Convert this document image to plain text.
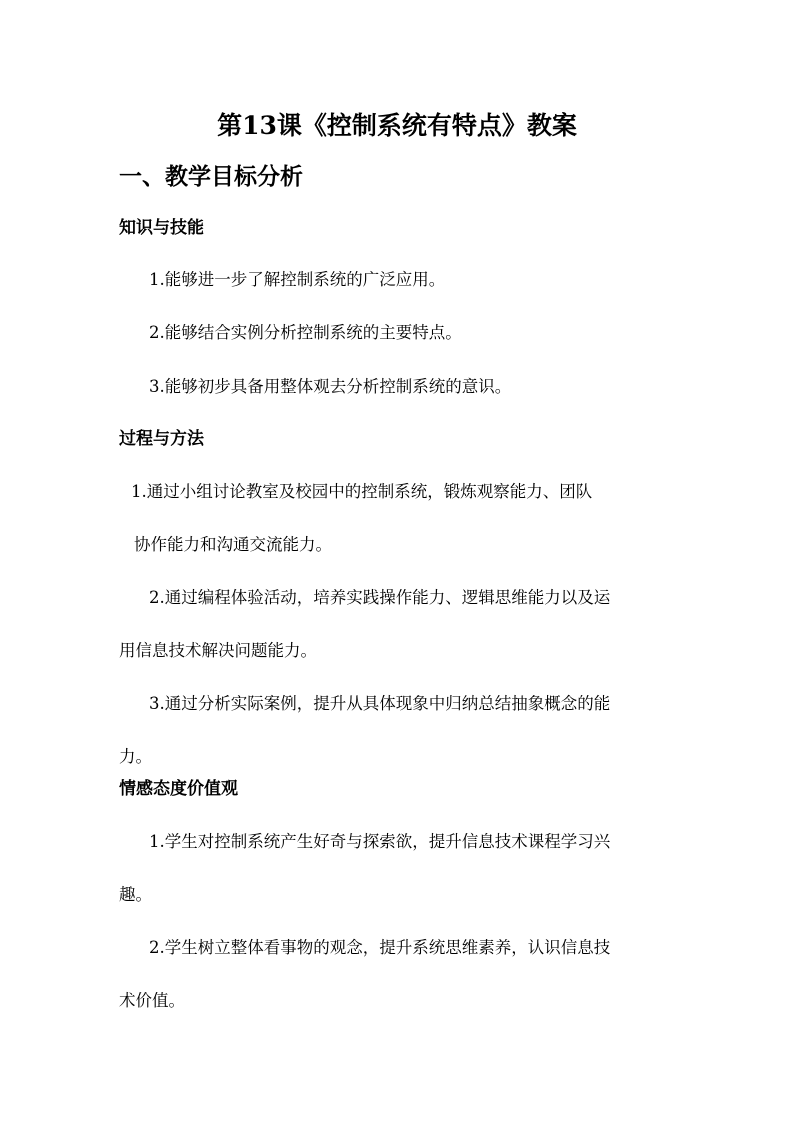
第13课《控制系统有特点》教案
一、教学目标分析
知识与技能
1.能够进一步了解控制系统的广泛应用。
2.能够结合实例分析控制系统的主要特点。
3.能够初步具备用整体观去分析控制系统的意识。
过程与方法
1.通过小组讨论教室及校园中的控制系统，锻炼观察能力、团队
协作能力和沟通交流能力。
2.通过编程体验活动，培养实践操作能力、逻辑思维能力以及运
用信息技术解决问题能力。
3.通过分析实际案例，提升从具体现象中归纳总结抽象概念的能
力。
情感态度价值观
1.学生对控制系统产生好奇与探索欲，提升信息技术课程学习兴
趣。
2.学生树立整体看事物的观念，提升系统思维素养，认识信息技
术价值。
